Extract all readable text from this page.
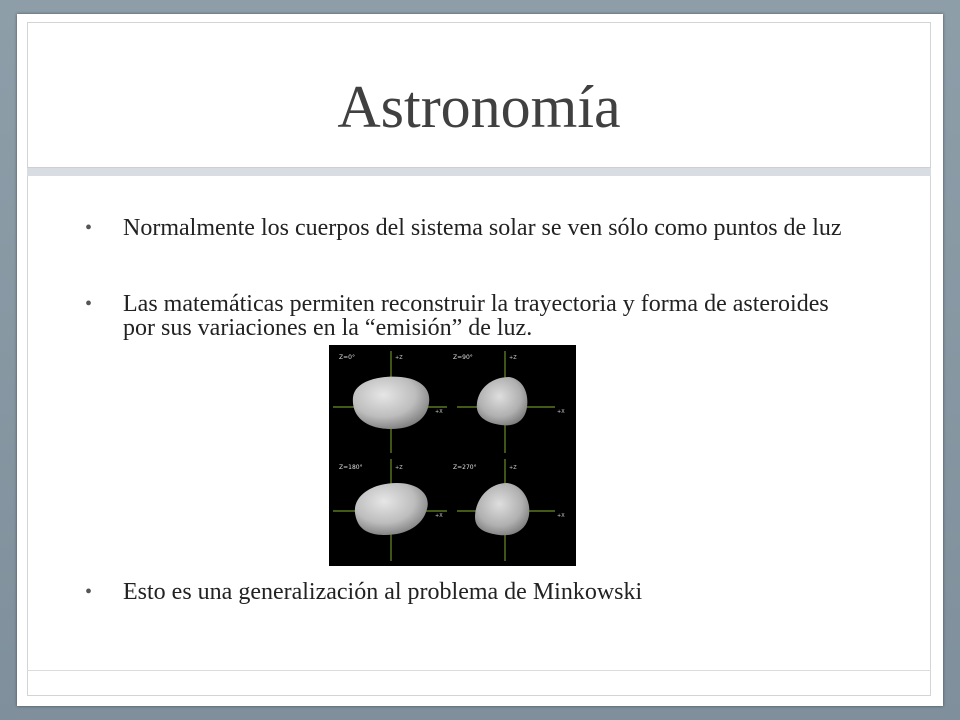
Astronomía
•	Normalmente los cuerpos del sistema solar se ven sólo como puntos de luz
•	Las matemáticas permiten reconstruir la trayectoria y forma de asteroides por sus variaciones en la “emisión” de luz.
•	Esto es una generalización al problema de Minkowski
Z=0°	+Z
+X
Z=90°	+Z
+X
Z=180°	+Z
+X
Z=270°	+Z
+X
